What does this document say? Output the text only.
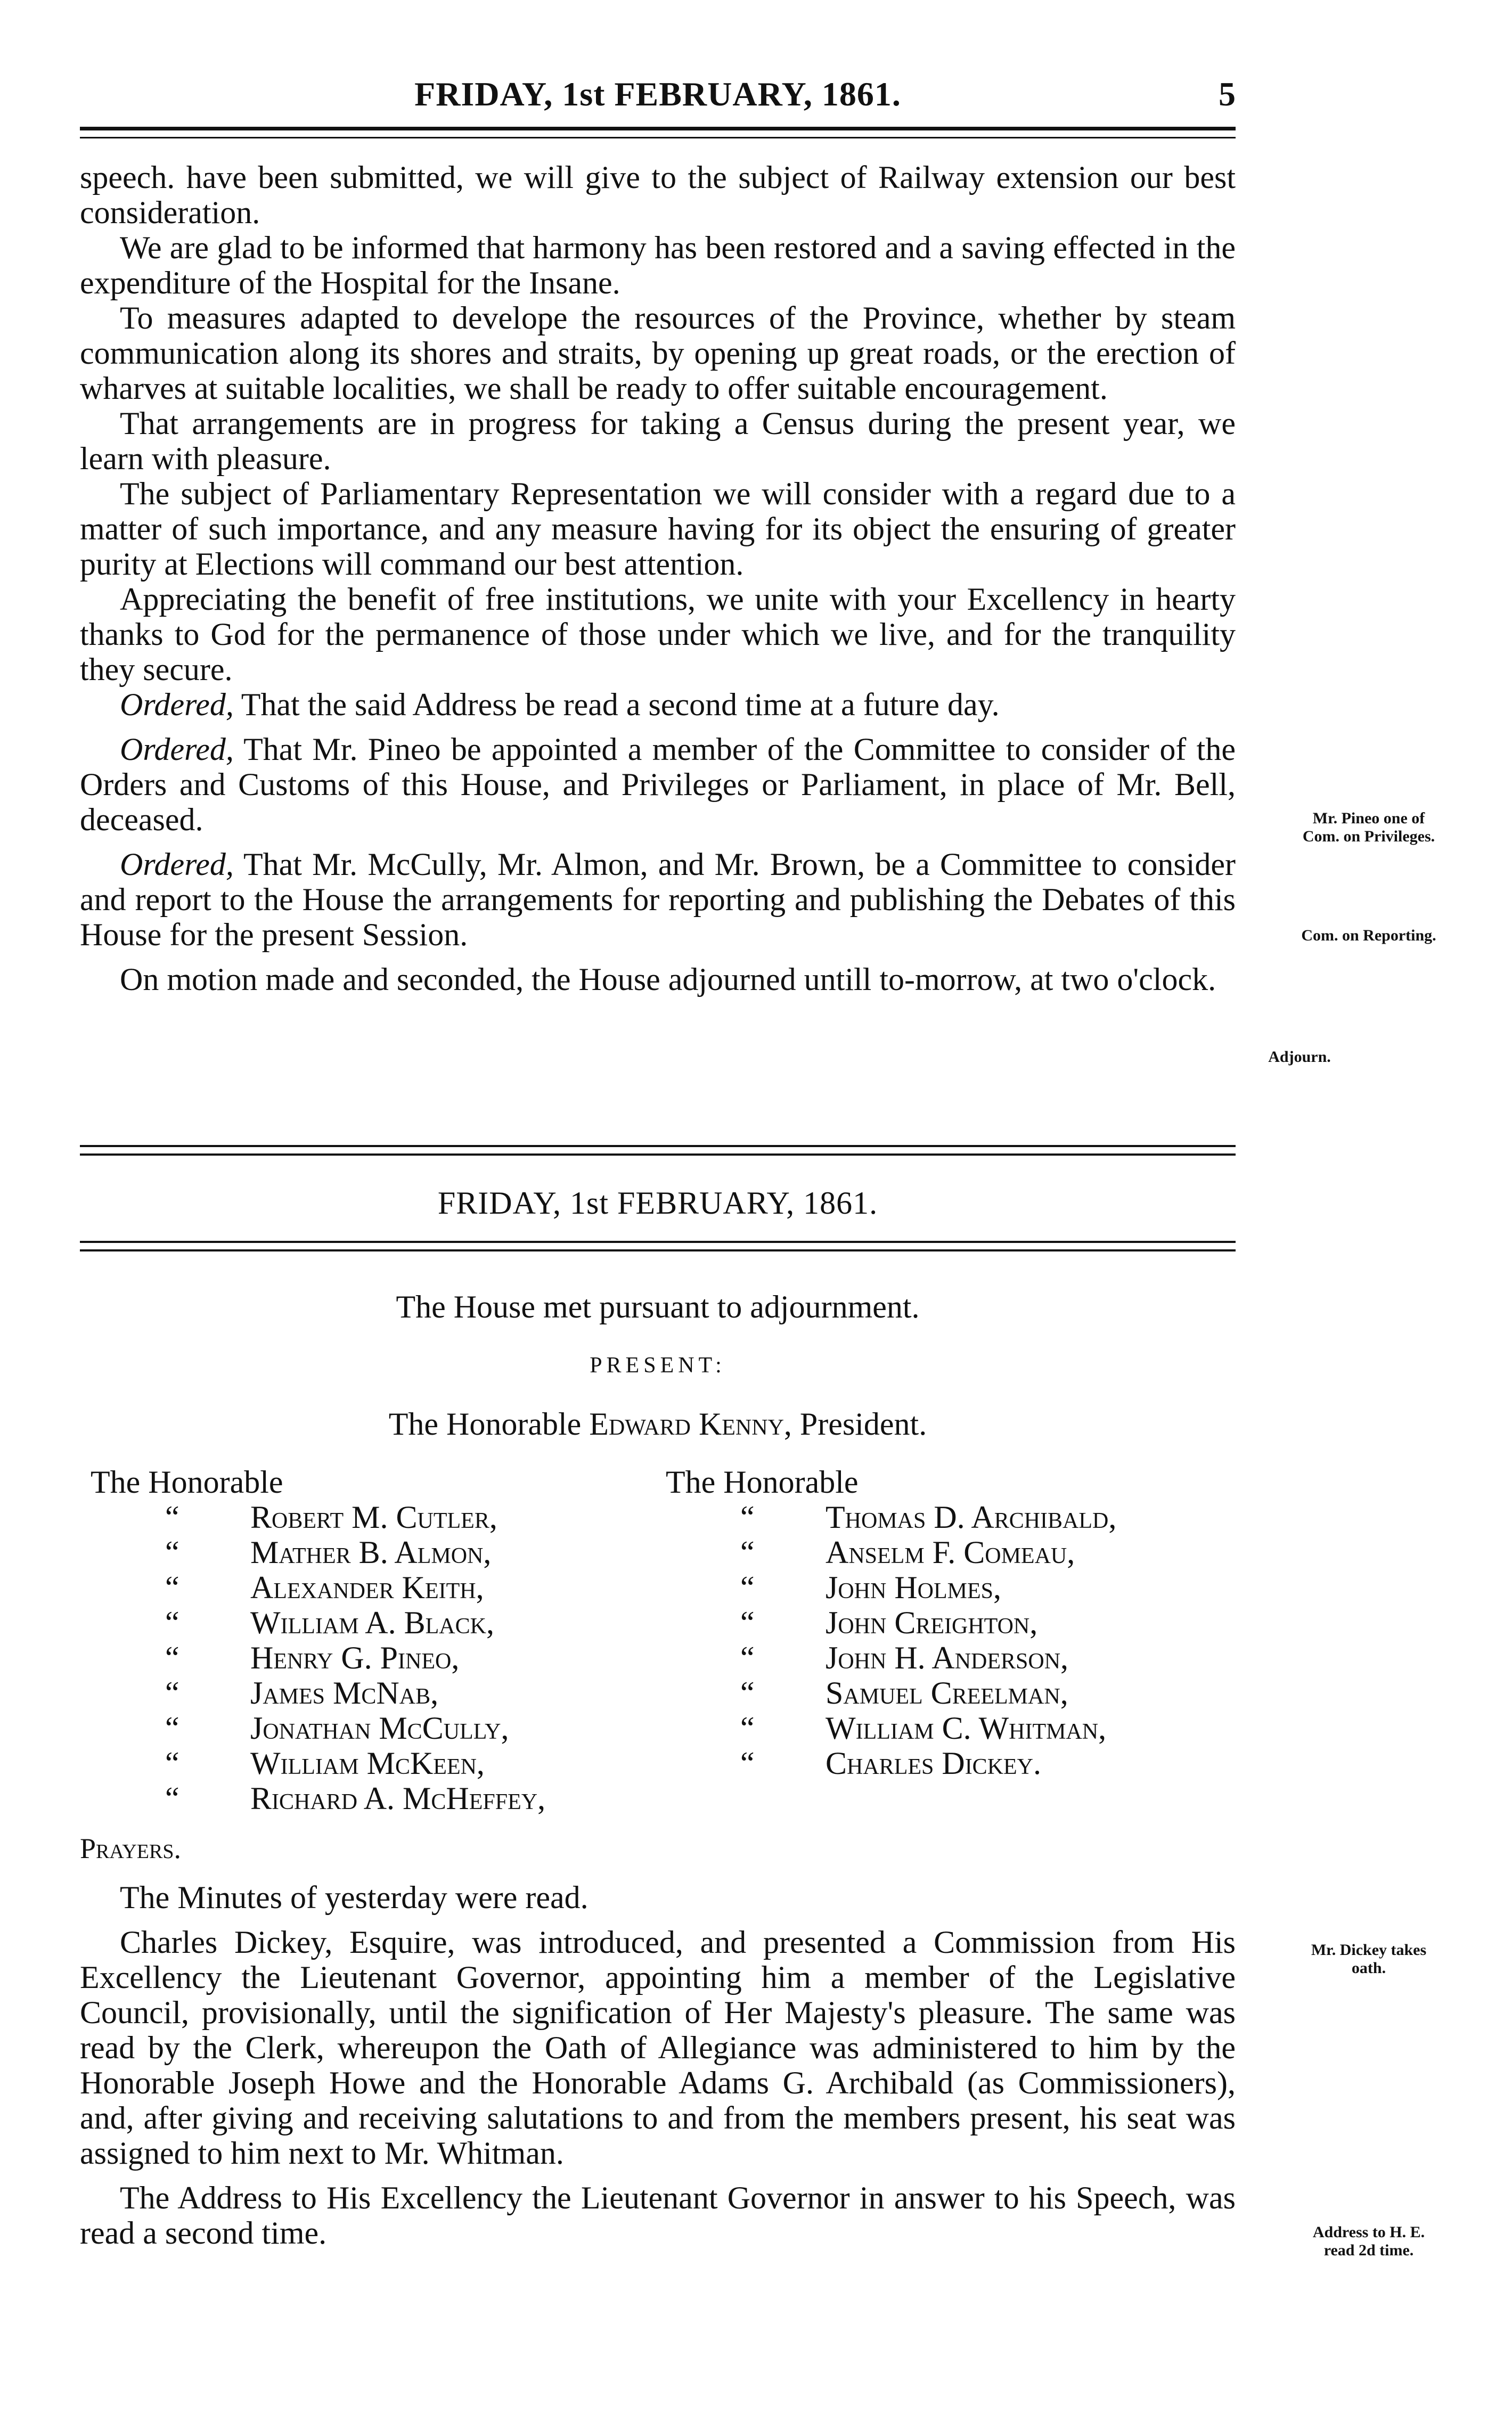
FRIDAY, 1st FEBRUARY, 1861.	5

speech. have been submitted, we will give to the subject of Railway extension our best consideration.

We are glad to be informed that harmony has been restored and a saving effected in the expenditure of the Hospital for the Insane.

To measures adapted to develope the resources of the Province, whether by steam communication along its shores and straits, by opening up great roads, or the erection of wharves at suitable localities, we shall be ready to offer suitable encouragement.

That arrangements are in progress for taking a Census during the present year, we learn with pleasure.

The subject of Parliamentary Representation we will consider with a regard due to a matter of such importance, and any measure having for its object the ensuring of greater purity at Elections will command our best attention.

Appreciating the benefit of free institutions, we unite with your Excellency in hearty thanks to God for the permanence of those under which we live, and for the tranquility they secure.

Ordered, That the said Address be read a second time at a future day.

Ordered, That Mr. Pineo be appointed a member of the Committee to consider of the Orders and Customs of this House, and Privileges or Parliament, in place of Mr. Bell, deceased.

Ordered, That Mr. McCully, Mr. Almon, and Mr. Brown, be a Committee to consider and report to the House the arrangements for reporting and publishing the Debates of this House for the present Session.

On motion made and seconded, the House adjourned untill to-morrow, at two o'clock.

Mr. Pineo one of
Com. on Privileges.
Com. on Reporting.
Adjourn.
FRIDAY, 1st FEBRUARY, 1861.
The House met pursuant to adjournment.
PRESENT:
The Honorable Edward Kenny, President.

The Honorable

“ Robert M. Cutler,

“ Mather B. Almon,

“ Alexander Keith,

“ William A. Black,

“ Henry G. Pineo,

“ James McNab,

“ Jonathan McCully,

“ William McKeen,

“ Richard A. McHeffey,

The Honorable

“ Thomas D. Archibald,

“ Anselm F. Comeau,

“ John Holmes,

“ John Creighton,

“ John H. Anderson,

“ Samuel Creelman,

“ William C. Whitman,

“ Charles Dickey.

Prayers.

The Minutes of yesterday were read.

Charles Dickey, Esquire, was introduced, and presented a Commission from His Excellency the Lieutenant Governor, appointing him a member of the Legislative Council, provisionally, until the signification of Her Majesty's pleasure. The same was read by the Clerk, whereupon the Oath of Allegiance was administered to him by the Honorable Joseph Howe and the Honorable Adams G. Archibald (as Commissioners), and, after giving and receiving salutations to and from the members present, his seat was assigned to him next to Mr. Whitman.

The Address to His Excellency the Lieutenant Governor in answer to his Speech, was read a second time.

Mr. Dickey takes
oath.
Address to H. E.
read 2d time.
